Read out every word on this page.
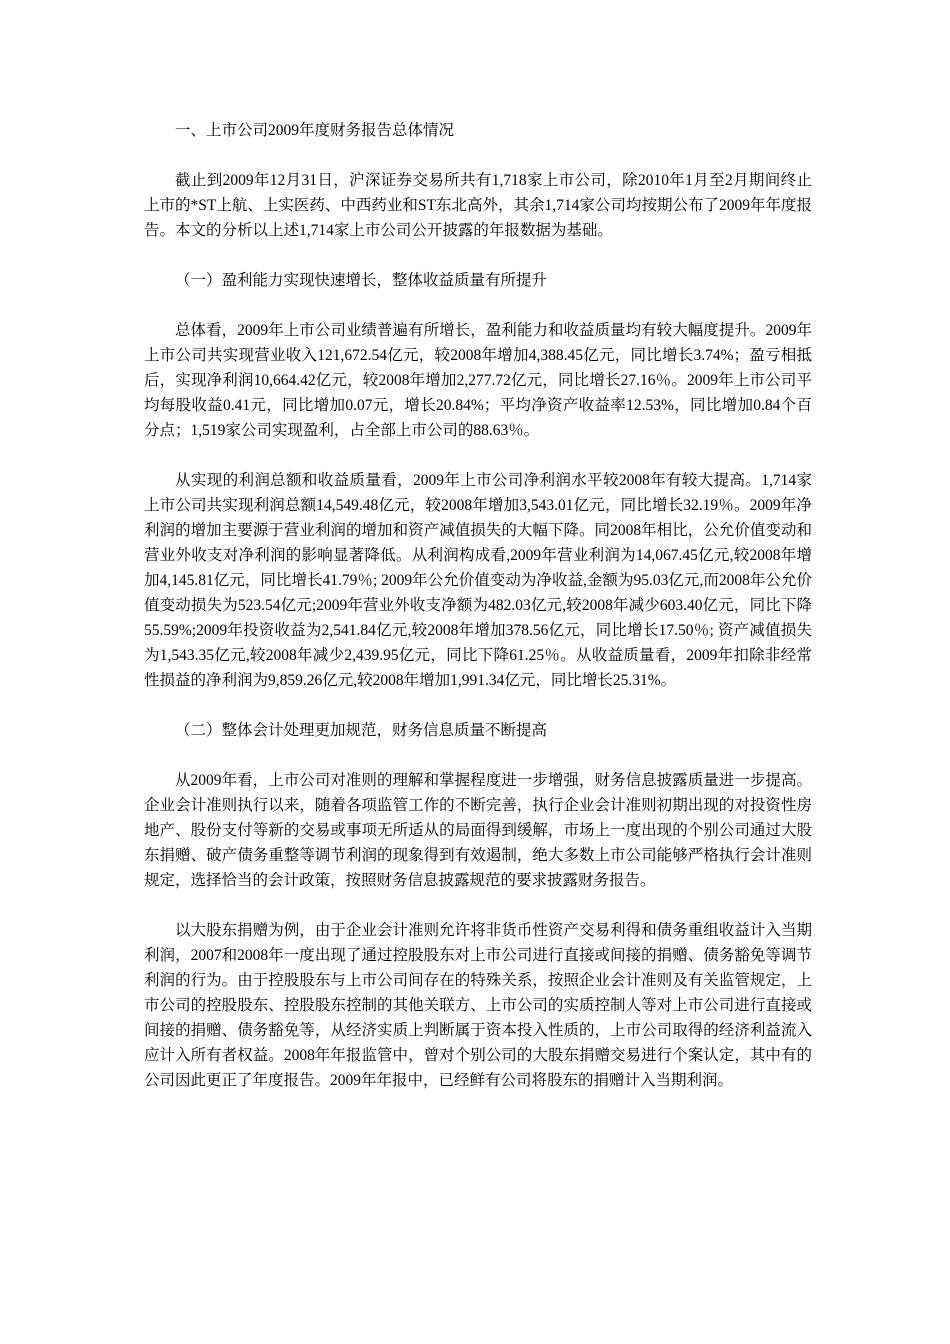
一、上市公司2009年度财务报告总体情况

截止到2009年12月31日，沪深证券交易所共有1,718家上市公司，除2010年1月至2月期间终止上市的*ST上航、上实医药、中西药业和ST东北高外，其余1,714家公司均按期公布了2009年年度报告。本文的分析以上述1,714家上市公司公开披露的年报数据为基础。

（一）盈利能力实现快速增长，整体收益质量有所提升

总体看，2009年上市公司业绩普遍有所增长，盈利能力和收益质量均有较大幅度提升。2009年上市公司共实现营业收入121,672.54亿元，较2008年增加4,388.45亿元，同比增长3.74%；盈亏相抵后，实现净利润10,664.42亿元，较2008年增加2,277.72亿元，同比增长27.16％。2009年上市公司平均每股收益0.41元，同比增加0.07元，增长20.84%；平均净资产收益率12.53%，同比增加0.84个百分点；1,519家公司实现盈利，占全部上市公司的88.63％。

从实现的利润总额和收益质量看，2009年上市公司净利润水平较2008年有较大提高。1,714家上市公司共实现利润总额14,549.48亿元，较2008年增加3,543.01亿元，同比增长32.19％。2009年净利润的增加主要源于营业利润的增加和资产减值损失的大幅下降。同2008年相比，公允价值变动和营业外收支对净利润的影响显著降低。从利润构成看,2009年营业利润为14,067.45亿元,较2008年增加4,145.81亿元，同比增长41.79％; 2009年公允价值变动为净收益,金额为95.03亿元,而2008年公允价值变动损失为523.54亿元;2009年营业外收支净额为482.03亿元,较2008年减少603.40亿元，同比下降55.59%;2009年投资收益为2,541.84亿元,较2008年增加378.56亿元，同比增长17.50％; 资产减值损失为1,543.35亿元,较2008年减少2,439.95亿元，同比下降61.25％。从收益质量看，2009年扣除非经常性损益的净利润为9,859.26亿元,较2008年增加1,991.34亿元，同比增长25.31%。

（二）整体会计处理更加规范，财务信息质量不断提高

从2009年看，上市公司对准则的理解和掌握程度进一步增强，财务信息披露质量进一步提高。企业会计准则执行以来，随着各项监管工作的不断完善，执行企业会计准则初期出现的对投资性房地产、股份支付等新的交易或事项无所适从的局面得到缓解，市场上一度出现的个别公司通过大股东捐赠、破产债务重整等调节利润的现象得到有效遏制，绝大多数上市公司能够严格执行会计准则规定，选择恰当的会计政策，按照财务信息披露规范的要求披露财务报告。

以大股东捐赠为例，由于企业会计准则允许将非货币性资产交易利得和债务重组收益计入当期利润，2007和2008年一度出现了通过控股股东对上市公司进行直接或间接的捐赠、债务豁免等调节利润的行为。由于控股股东与上市公司间存在的特殊关系，按照企业会计准则及有关监管规定，上市公司的控股股东、控股股东控制的其他关联方、上市公司的实质控制人等对上市公司进行直接或间接的捐赠、债务豁免等，从经济实质上判断属于资本投入性质的，上市公司取得的经济利益流入应计入所有者权益。2008年年报监管中，曾对个别公司的大股东捐赠交易进行个案认定，其中有的公司因此更正了年度报告。2009年年报中，已经鲜有公司将股东的捐赠计入当期利润。
